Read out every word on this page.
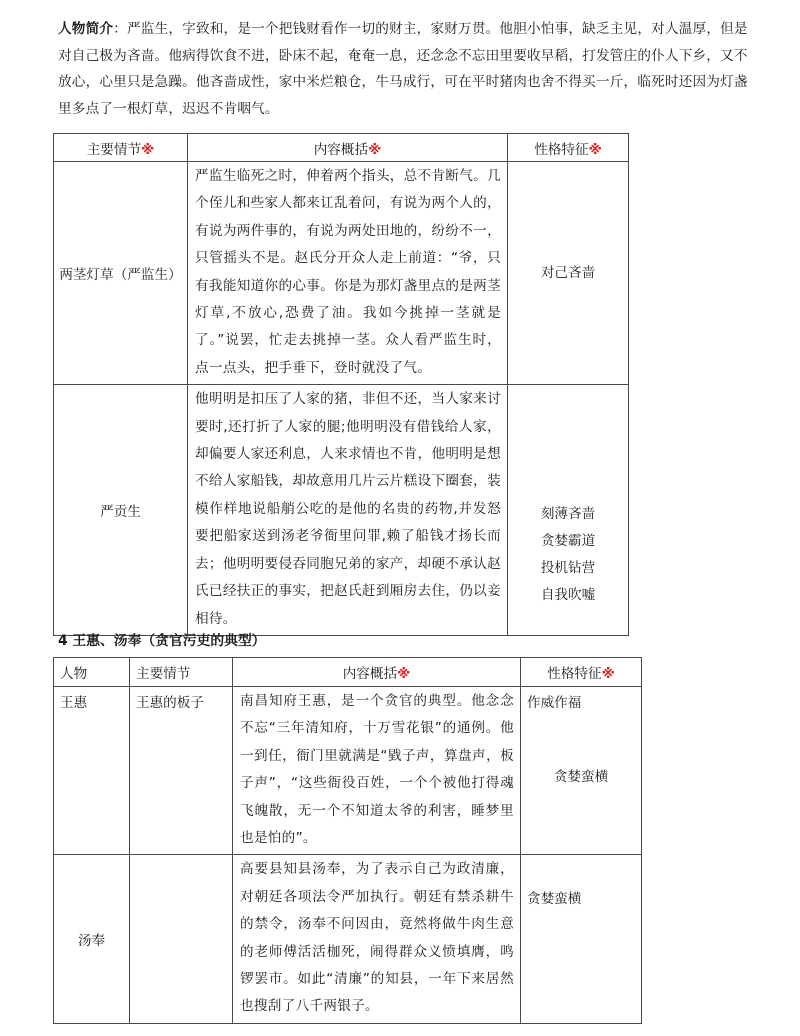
人物简介：严监生，字致和，是一个把钱财看作一切的财主，家财万贯。他胆小怕事，缺乏主见，对人温厚，但是对自己极为吝啬。他病得饮食不进，卧床不起，奄奄一息，还念念不忘田里要收早稻，打发管庄的仆人下乡，又不放心，心里只是急躁。他吝啬成性，家中米烂粮仓，牛马成行，可在平时猪肉也舍不得买一斤，临死时还因为灯盏里多点了一根灯草，迟迟不肯咽气。
主要情节※	内容概括※	性格特征※
两茎灯草（严监生）	严监生临死之时，伸着两个指头，总不肯断气。几个侄儿和些家人都来讧乱着问，有说为两个人的，有说为两件事的，有说为两处田地的，纷纷不一，只管摇头不是。赵氏分开众人走上前道：“爷，只有我能知道你的心事。你是为那灯盏里点的是两茎灯草,不放心,恐费了油。我如今挑掉一茎就是了。”说罢，忙走去挑掉一茎。众人看严监生时，点一点头，把手垂下，登时就没了气。	对己吝啬

严贡生	他明明是扣压了人家的猪，非但不还，当人家来讨要时,还打折了人家的腿;他明明没有借钱给人家，却偏要人家还利息，人来求情也不肯，他明明是想不给人家船钱，却故意用几片云片糕设下圈套，装模作样地说船艄公吃的是他的名贵的药物,并发怒要把船家送到汤老爷衙里问罪,赖了船钱才扬长而去；他明明要侵吞同胞兄弟的家产，却硬不承认赵氏已经扶正的事实，把赵氏赶到厢房去住，仍以妾相待。	刻薄吝啬
贪婪霸道
投机钻营
自我吹嘘
4 王惠、汤奉（贪官污吏的典型）
人物	主要情节	内容概括※	性格特征※
王惠	王惠的板子	南昌知府王惠，是一个贪官的典型。他念念不忘“三年清知府，十万雪花银”的通例。他一到任，衙门里就满是“戥子声，算盘声，板子声”，“这些衙役百姓，一个个被他打得魂飞魄散，无一个不知道太爷的利害，睡梦里也是怕的”。	作威作福
贪婪蛮横

汤奉		高要县知县汤奉，为了表示自己为政清廉，对朝廷各项法令严加执行。朝廷有禁杀耕牛的禁令，汤奉不问因由，竟然将做牛肉生意的老师傅活活枷死，闹得群众义愤填膺，鸣锣罢市。如此“清廉”的知县，一年下来居然也搜刮了八千两银子。	贪婪蛮横
